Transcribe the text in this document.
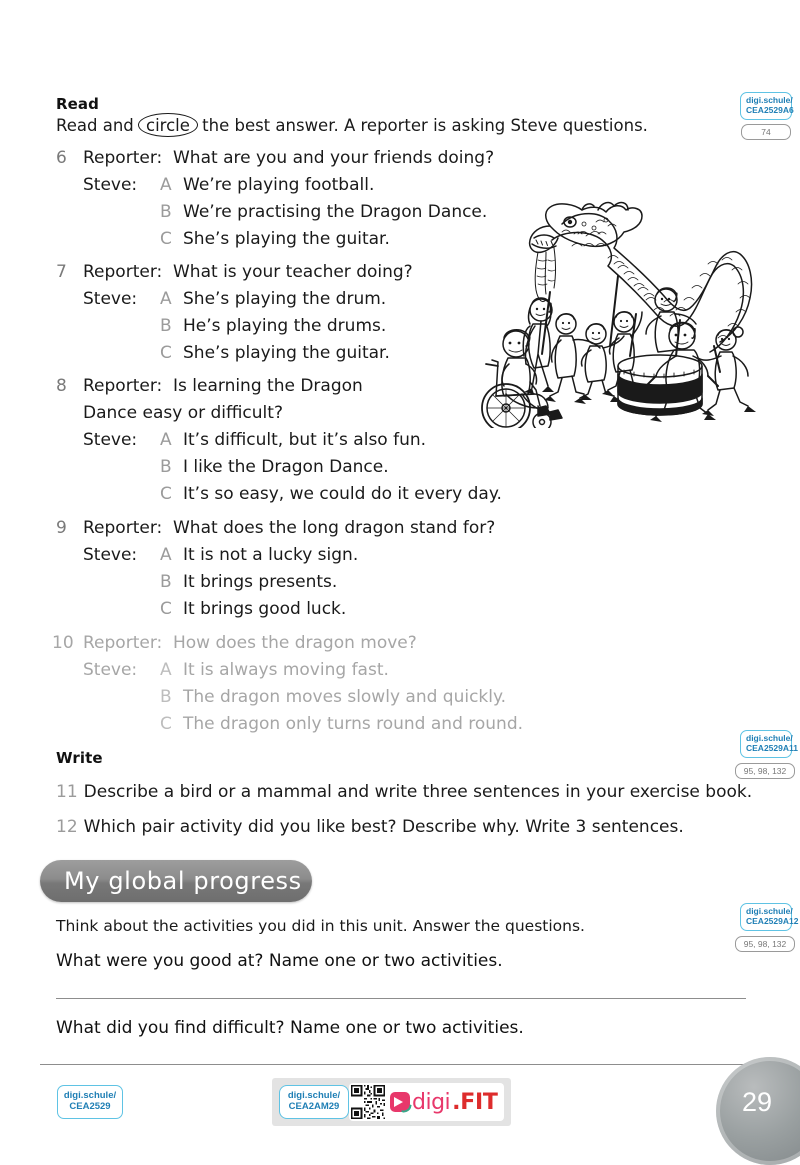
Read
Read and circle the best answer. A reporter is asking Steve questions.
digi.schule/
CEA2529A6
74
6 Reporter: What are you and your friends doing?
Steve: A We’re playing football.
B We’re practising the Dragon Dance.
C She’s playing the guitar.
7 Reporter: What is your teacher doing?
Steve: A She’s playing the drum.
B He’s playing the drums.
C She’s playing the guitar.
8 Reporter: Is learning the Dragon
Dance easy or difficult?
Steve: A It’s difficult, but it’s also fun.
B I like the Dragon Dance.
C It’s so easy, we could do it every day.
9 Reporter: What does the long dragon stand for?
Steve: A It is not a lucky sign.
B It brings presents.
C It brings good luck.
10 Reporter: How does the dragon move?
Steve: A It is always moving fast.
B The dragon moves slowly and quickly.
C The dragon only turns round and round.
Write
digi.schule/
CEA2529A11
95, 98, 132
11 Describe a bird or a mammal and write three sentences in your exercise book.
12 Which pair activity did you like best? Describe why. Write 3 sentences.
My global progress
digi.schule/
CEA2529A12
95, 98, 132
Think about the activities you did in this unit. Answer the questions.
What were you good at? Name one or two activities.
What did you find difficult? Name one or two activities.
digi.schule/
CEA2529
digi.schule/
CEA2AM29	digi .FIT	29
